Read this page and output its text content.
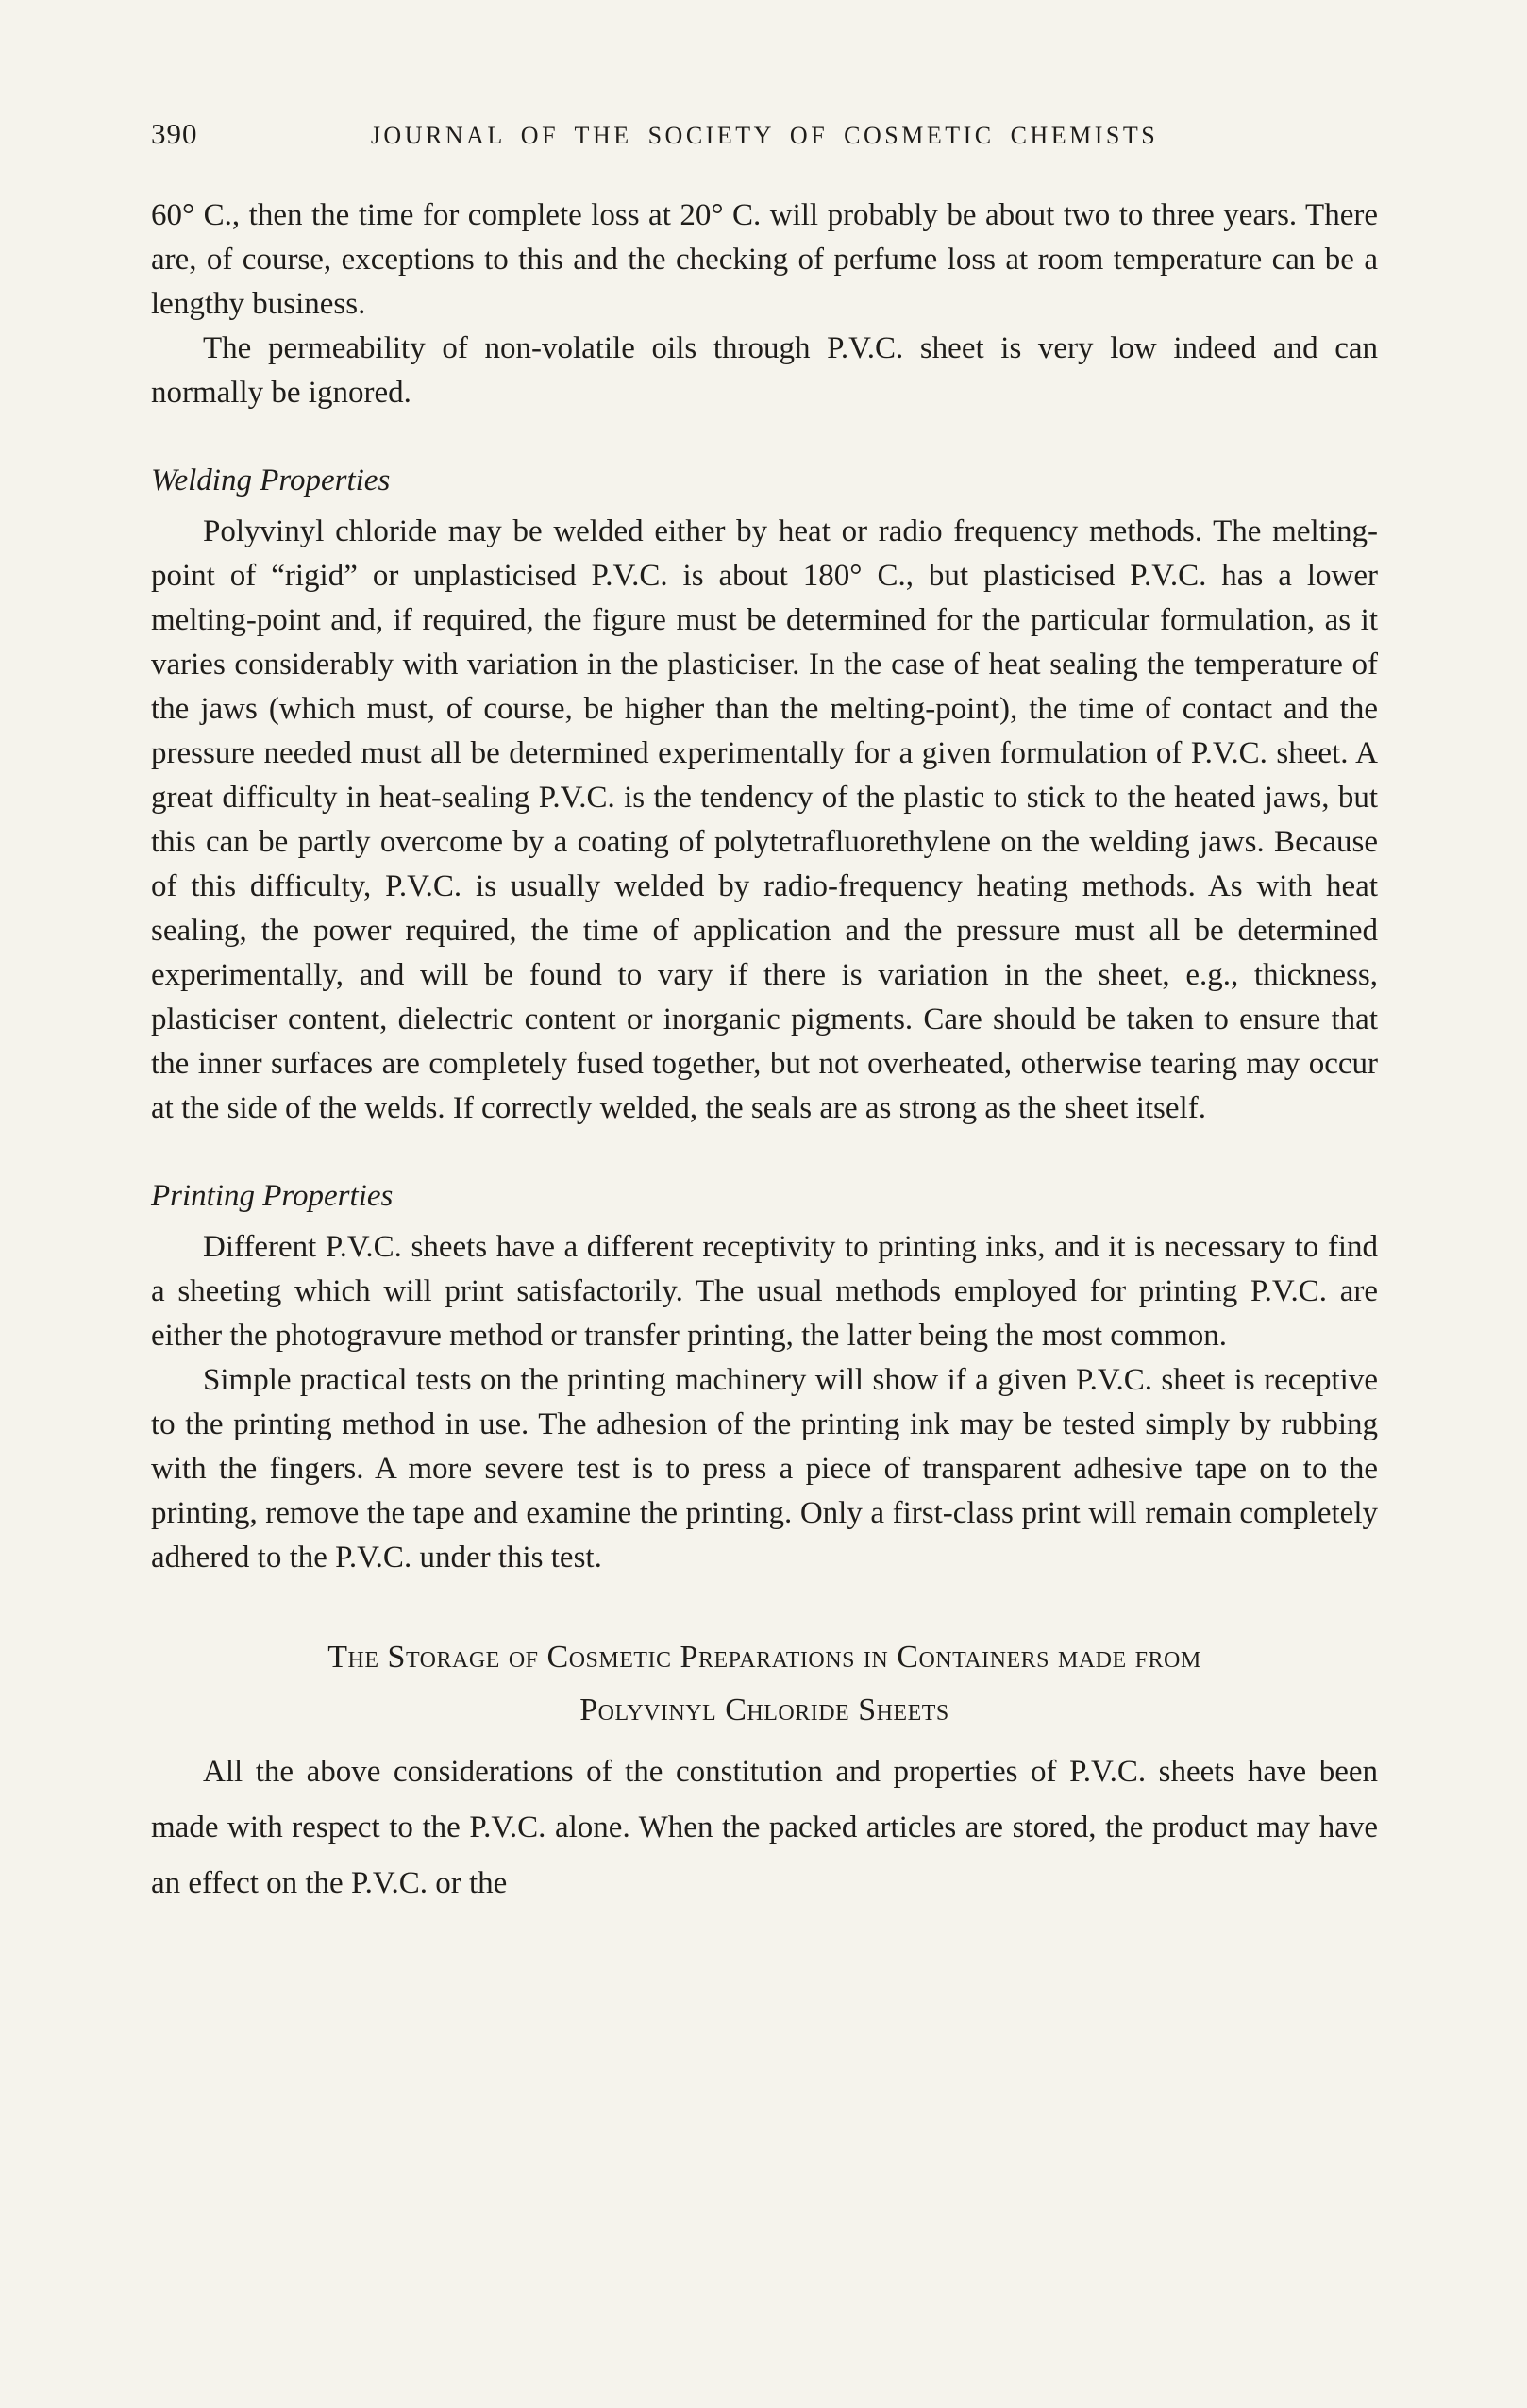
390	JOURNAL OF THE SOCIETY OF COSMETIC CHEMISTS

60° C., then the time for complete loss at 20° C. will probably be about two to three years. There are, of course, exceptions to this and the checking of perfume loss at room temperature can be a lengthy business.

The permeability of non-volatile oils through P.V.C. sheet is very low indeed and can normally be ignored.

Welding Properties

Polyvinyl chloride may be welded either by heat or radio frequency methods. The melting-point of “rigid” or unplasticised P.V.C. is about 180° C., but plasticised P.V.C. has a lower melting-point and, if required, the figure must be determined for the particular formulation, as it varies considerably with variation in the plasticiser. In the case of heat sealing the temperature of the jaws (which must, of course, be higher than the melting-point), the time of contact and the pressure needed must all be determined experimentally for a given formulation of P.V.C. sheet. A great difficulty in heat-sealing P.V.C. is the tendency of the plastic to stick to the heated jaws, but this can be partly overcome by a coating of polytetrafluorethylene on the welding jaws. Because of this difficulty, P.V.C. is usually welded by radio-frequency heating methods. As with heat sealing, the power required, the time of application and the pressure must all be determined experimentally, and will be found to vary if there is variation in the sheet, e.g., thickness, plasticiser content, dielectric content or inorganic pigments. Care should be taken to ensure that the inner surfaces are completely fused together, but not overheated, otherwise tearing may occur at the side of the welds. If correctly welded, the seals are as strong as the sheet itself.

Printing Properties

Different P.V.C. sheets have a different receptivity to printing inks, and it is necessary to find a sheeting which will print satisfactorily. The usual methods employed for printing P.V.C. are either the photogravure method or transfer printing, the latter being the most common.

Simple practical tests on the printing machinery will show if a given P.V.C. sheet is receptive to the printing method in use. The adhesion of the printing ink may be tested simply by rubbing with the fingers. A more severe test is to press a piece of transparent adhesive tape on to the printing, remove the tape and examine the printing. Only a first-class print will remain completely adhered to the P.V.C. under this test.

The Storage of Cosmetic Preparations in Containers made from
Polyvinyl Chloride Sheets

All the above considerations of the constitution and properties of P.V.C. sheets have been made with respect to the P.V.C. alone. When the packed articles are stored, the product may have an effect on the P.V.C. or the
